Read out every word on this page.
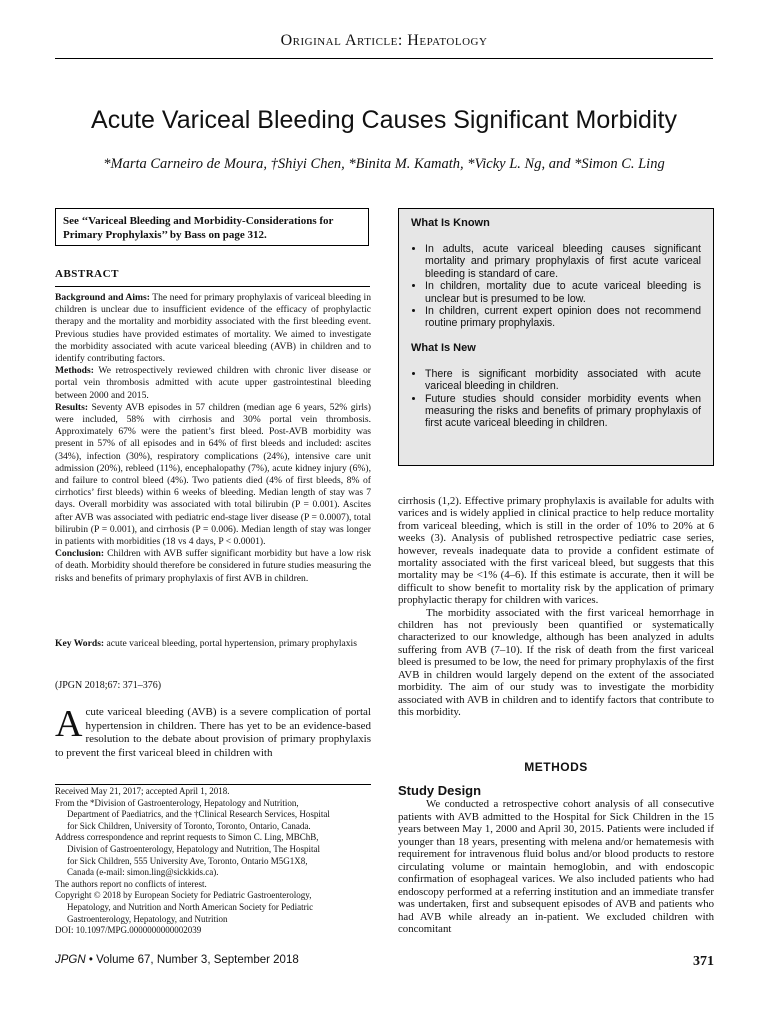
Original Article: Hepatology
Acute Variceal Bleeding Causes Significant Morbidity
*Marta Carneiro de Moura, †Shiyi Chen, *Binita M. Kamath, *Vicky L. Ng, and *Simon C. Ling
See ‘‘Variceal Bleeding and Morbidity-Considerations for Primary Prophylaxis’’ by Bass on page 312.
ABSTRACT

Background and Aims: The need for primary prophylaxis of variceal bleeding in children is unclear due to insufficient evidence of the efficacy of prophylactic therapy and the mortality and morbidity associated with the first bleeding event. Previous studies have provided estimates of mortality. We aimed to investigate the morbidity associated with acute variceal bleeding (AVB) in children and to identify contributing factors.

Methods: We retrospectively reviewed children with chronic liver disease or portal vein thrombosis admitted with acute upper gastrointestinal bleeding between 2000 and 2015.

Results: Seventy AVB episodes in 57 children (median age 6 years, 52% girls) were included, 58% with cirrhosis and 30% portal vein thrombosis. Approximately 67% were the patient’s first bleed. Post-AVB morbidity was present in 57% of all episodes and in 64% of first bleeds and included: ascites (34%), infection (30%), respiratory complications (24%), intensive care unit admission (20%), rebleed (11%), encephalopathy (7%), acute kidney injury (6%), and failure to control bleed (4%). Two patients died (4% of first bleeds, 8% of cirrhotics’ first bleeds) within 6 weeks of bleeding. Median length of stay was 7 days. Overall morbidity was associated with total bilirubin (P = 0.001). Ascites after AVB was associated with pediatric end-stage liver disease (P = 0.0007), total bilirubin (P = 0.001), and cirrhosis (P = 0.006). Median length of stay was longer in patients with morbidities (18 vs 4 days, P < 0.0001).

Conclusion: Children with AVB suffer significant morbidity but have a low risk of death. Morbidity should therefore be considered in future studies measuring the risks and benefits of primary prophylaxis of first AVB in children.

Key Words: acute variceal bleeding, portal hypertension, primary prophylaxis
(JPGN 2018;67: 371–376)
Acute variceal bleeding (AVB) is a severe complication of portal hypertension in children. There has yet to be an evidence-based resolution to the debate about provision of primary prophylaxis to prevent the first variceal bleed in children with
Received May 21, 2017; accepted April 1, 2018.
From the *Division of Gastroenterology, Hepatology and Nutrition,
Department of Paediatrics, and the †Clinical Research Services, Hospital
for Sick Children, University of Toronto, Toronto, Ontario, Canada.
Address correspondence and reprint requests to Simon C. Ling, MBChB,
Division of Gastroenterology, Hepatology and Nutrition, The Hospital
for Sick Children, 555 University Ave, Toronto, Ontario M5G1X8,
Canada (e-mail: simon.ling@sickkids.ca).
The authors report no conflicts of interest.
Copyright © 2018 by European Society for Pediatric Gastroenterology,
Hepatology, and Nutrition and North American Society for Pediatric
Gastroenterology, Hepatology, and Nutrition
DOI: 10.1097/MPG.0000000000002039
What Is Known
• In adults, acute variceal bleeding causes significant mortality and primary prophylaxis of first acute variceal bleeding is standard of care.
• In children, mortality due to acute variceal bleeding is unclear but is presumed to be low.
• In children, current expert opinion does not recommend routine primary prophylaxis.
What Is New
• There is significant morbidity associated with acute variceal bleeding in children.
• Future studies should consider morbidity events when measuring the risks and benefits of primary prophylaxis of first acute variceal bleeding in children.

cirrhosis (1,2). Effective primary prophylaxis is available for adults with varices and is widely applied in clinical practice to help reduce mortality from variceal bleeding, which is still in the order of 10% to 20% at 6 weeks (3). Analysis of published retrospective pediatric case series, however, reveals inadequate data to provide a confident estimate of mortality associated with the first variceal bleed, but suggests that this mortality may be <1% (4–6). If this estimate is accurate, then it will be difficult to show benefit to mortality risk by the application of primary prophylactic therapy for children with varices.

The morbidity associated with the first variceal hemorrhage in children has not previously been quantified or systematically characterized to our knowledge, although has been analyzed in adults suffering from AVB (7–10). If the risk of death from the first variceal bleed is presumed to be low, the need for primary prophylaxis of the first AVB in children would largely depend on the extent of the associated morbidity. The aim of our study was to investigate the morbidity associated with AVB in children and to identify factors that contribute to this morbidity.

METHODS
Study Design

We conducted a retrospective cohort analysis of all consecutive patients with AVB admitted to the Hospital for Sick Children in the 15 years between May 1, 2000 and April 30, 2015. Patients were included if younger than 18 years, presenting with melena and/or hematemesis with requirement for intravenous fluid bolus and/or blood products to restore circulating volume or maintain hemoglobin, and with endoscopic confirmation of esophageal varices. We also included patients who had endoscopy performed at a referring institution and an immediate transfer was undertaken, first and subsequent episodes of AVB and patients who had AVB while already an in-patient. We excluded children with concomitant

JPGN • Volume 67, Number 3, September 2018	371
